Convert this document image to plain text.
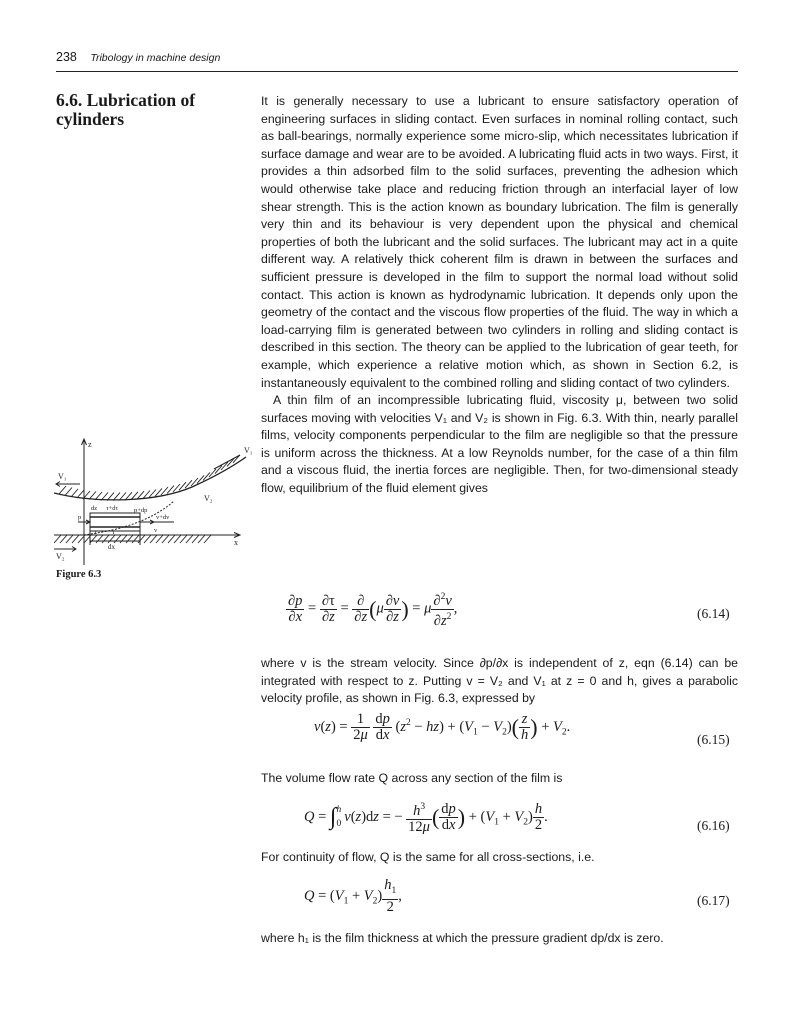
238 Tribology in machine design
6.6. Lubrication of cylinders

It is generally necessary to use a lubricant to ensure satisfactory operation of engineering surfaces in sliding contact. Even surfaces in nominal rolling contact, such as ball-bearings, normally experience some micro-slip, which necessitates lubrication if surface damage and wear are to be avoided. A lubricating fluid acts in two ways. First, it provides a thin adsorbed film to the solid surfaces, preventing the adhesion which would otherwise take place and reducing friction through an interfacial layer of low shear strength. This is the action known as boundary lubrication. The film is generally very thin and its behaviour is very dependent upon the physical and chemical properties of both the lubricant and the solid surfaces. The lubricant may act in a quite different way. A relatively thick coherent film is drawn in between the surfaces and sufficient pressure is developed in the film to support the normal load without solid contact. This action is known as hydrodynamic lubrication. It depends only upon the geometry of the contact and the viscous flow properties of the fluid. The way in which a load-carrying film is generated between two cylinders in rolling and sliding contact is described in this section. The theory can be applied to the lubrication of gear teeth, for example, which experience a relative motion which, as shown in Section 6.2, is instantaneously equivalent to the combined rolling and sliding contact of two cylinders.

A thin film of an incompressible lubricating fluid, viscosity μ, between two solid surfaces moving with velocities V₁ and V₂ is shown in Fig. 6.3. With thin, nearly parallel films, velocity components perpendicular to the film are negligible so that the pressure is uniform across the thickness. At a low Reynolds number, for the case of a thin film and a viscous fluid, the inertia forces are negligible. Then, for two-dimensional steady flow, equilibrium of the fluid element gives

z
V₁
V₁
V₂
V₂
x
dz τ+dτ p+dp
p	v+dv
z	v
τ
dx
Figure 6.3
$\frac{\partial p}{\partial x} = \frac{\partial\tau}{\partial z} = \frac{\partial}{\partial z} (\mu \frac{\partial v}{\partial z}$ ) = μ $\frac{\partial^2v}{\partial z^2}$ ,	(6.14)
where v is the stream velocity. Since ∂p/∂x is independent of z, eqn (6.14) can be integrated with respect to z. Putting v = V₂ and V₁ at z = 0 and h, gives a parabolic velocity profile, as shown in Fig. 6.3, expressed by
$v(z) = \frac{1}{2\mu}$
$\frac{dp}{dx} (z^2 - hz) + (V_1 - V_2)( \frac{z}{h}$ ) + $V_2$.
(6.15)
The volume flow rate Q across any section of the film is
Q = ∫h
0 v(z)dz = − $\frac{h^3}{12\mu}$ ( $\frac{dp}{dx}$ ) + $(V_1 + V_2) \frac{h}{2}$ .
(6.16)
For continuity of flow, Q is the same for all cross-sections, i.e.
$Q = (V_1 + V_2) \frac{h_1}{2}$ ,	(6.17)
where h₁ is the film thickness at which the pressure gradient dp/dx is zero.
